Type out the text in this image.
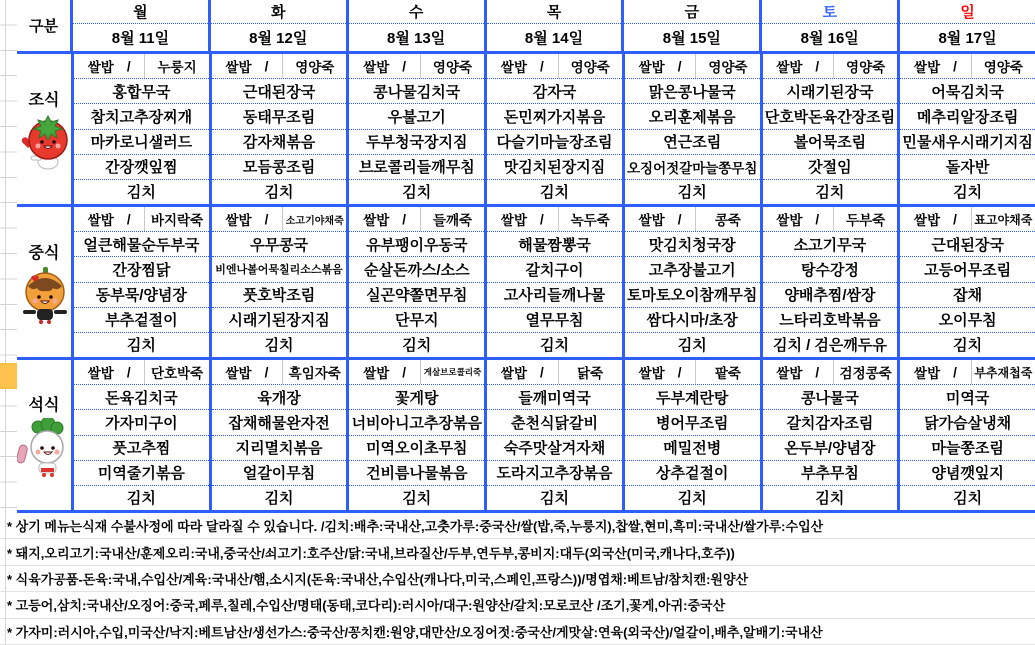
구분
월
8월 11일
화
8월 12일
수
8월 13일
목
8월 14일
금
8월 15일
토
8월 16일
일
8월 17일
조식
쌀밥 / 누룽지
홍합무국
참치고추장찌개
마카로니샐러드
간장깻잎찜
김치
쌀밥 / 영양죽
근대된장국
동태무조림
감자채볶음
모듬콩조림
김치
쌀밥 / 영양죽
콩나물김치국
우불고기
두부청국장지짐
브로콜리들깨무침
김치
쌀밥 / 영양죽
감자국
돈민찌가지볶음
다슬기마늘장조림
맛김치된장지짐
김치
쌀밥 / 영양죽
맑은콩나물국
오리훈제볶음
연근조림
오징어젓갈마늘쫑무침
김치
쌀밥 / 영양죽
시래기된장국
단호박돈육간장조림
볼어묵조림
갓절임
김치
쌀밥 / 영양죽
어묵김치국
메추리알장조림
민물새우시래기지짐
돌자반
김치
중식
쌀밥 / 바지락죽
얼큰해물순두부국
간장찜닭
동부묵/양념장
부추겉절이
김치
쌀밥 / 소고기야채죽
우무콩국
비엔나볼어묵칠리소스볶음
풋호박조림
시래기된장지짐
김치
쌀밥 / 들깨죽
유부팽이우동국
순살돈까스/소스
실곤약쫄면무침
단무지
김치
쌀밥 / 녹두죽
해물짬뽕국
갈치구이
고사리들깨나물
열무무침
김치
쌀밥 / 콩죽
맛김치청국장
고추장불고기
토마토오이참깨무침
쌈다시마/초장
김치
쌀밥 / 두부죽
소고기무국
탕수강정
양배추찜/쌈장
느타리호박볶음
김치 / 검은깨두유
쌀밥 / 표고야채죽
근대된장국
고등어무조림
잡채
오이무침
김치
석식
쌀밥 / 단호박죽
돈육김치국
가자미구이
풋고추찜
미역줄기볶음
김치
쌀밥 / 흑임자죽
육개장
잡채해물완자전
지리멸치볶음
얼갈이무침
김치
쌀밥 / 게살브로콜리죽
꽃게탕
너비아니고추장볶음
미역오이초무침
건비름나물볶음
김치
쌀밥 / 닭죽
들깨미역국
춘천식닭갈비
숙주맛살겨자채
도라지고추장볶음
김치
쌀밥 / 팥죽
두부계란탕
병어무조림
메밀전병
상추겉절이
김치
쌀밥 / 검정콩죽
콩나물국
갈치감자조림
온두부/양념장
부추무침
김치
쌀밥 / 부추재첩죽
미역국
닭가슴살냉채
마늘쫑조림
양념깻잎지
김치
* 상기 메뉴는식재 수불사정에 따라 달라질 수 있습니다. /김치:배추:국내산,고춧가루:중국산/쌀(밥,죽,누룽지),찹쌀,현미,흑미:국내산/쌀가루:수입산
* 돼지,오리고기:국내산/훈제오리:국내,중국산/쇠고기:호주산/닭:국내,브라질산/두부,연두부,콩비지:대두(외국산(미국,캐나다,호주))
* 식육가공품-돈육:국내,수입산/계육:국내산/햄,소시지(돈육:국내산,수입산(캐나다,미국,스페인,프랑스))/명엽채:베트남/참치캔:원양산
* 고등어,삼치:국내산/오징어:중국,페루,칠레,수입산/명태(동태,코다리):러시아/대구:원양산/갈치:모로코산 /조기,꽃게,아귀:중국산
* 가자미:러시아,수입,미국산/낙지:베트남산/생선가스:중국산/꽁치캔:원양,대만산/오징어젓:중국산/게맛살:연육(외국산)/얼갈이,배추,알배기:국내산
